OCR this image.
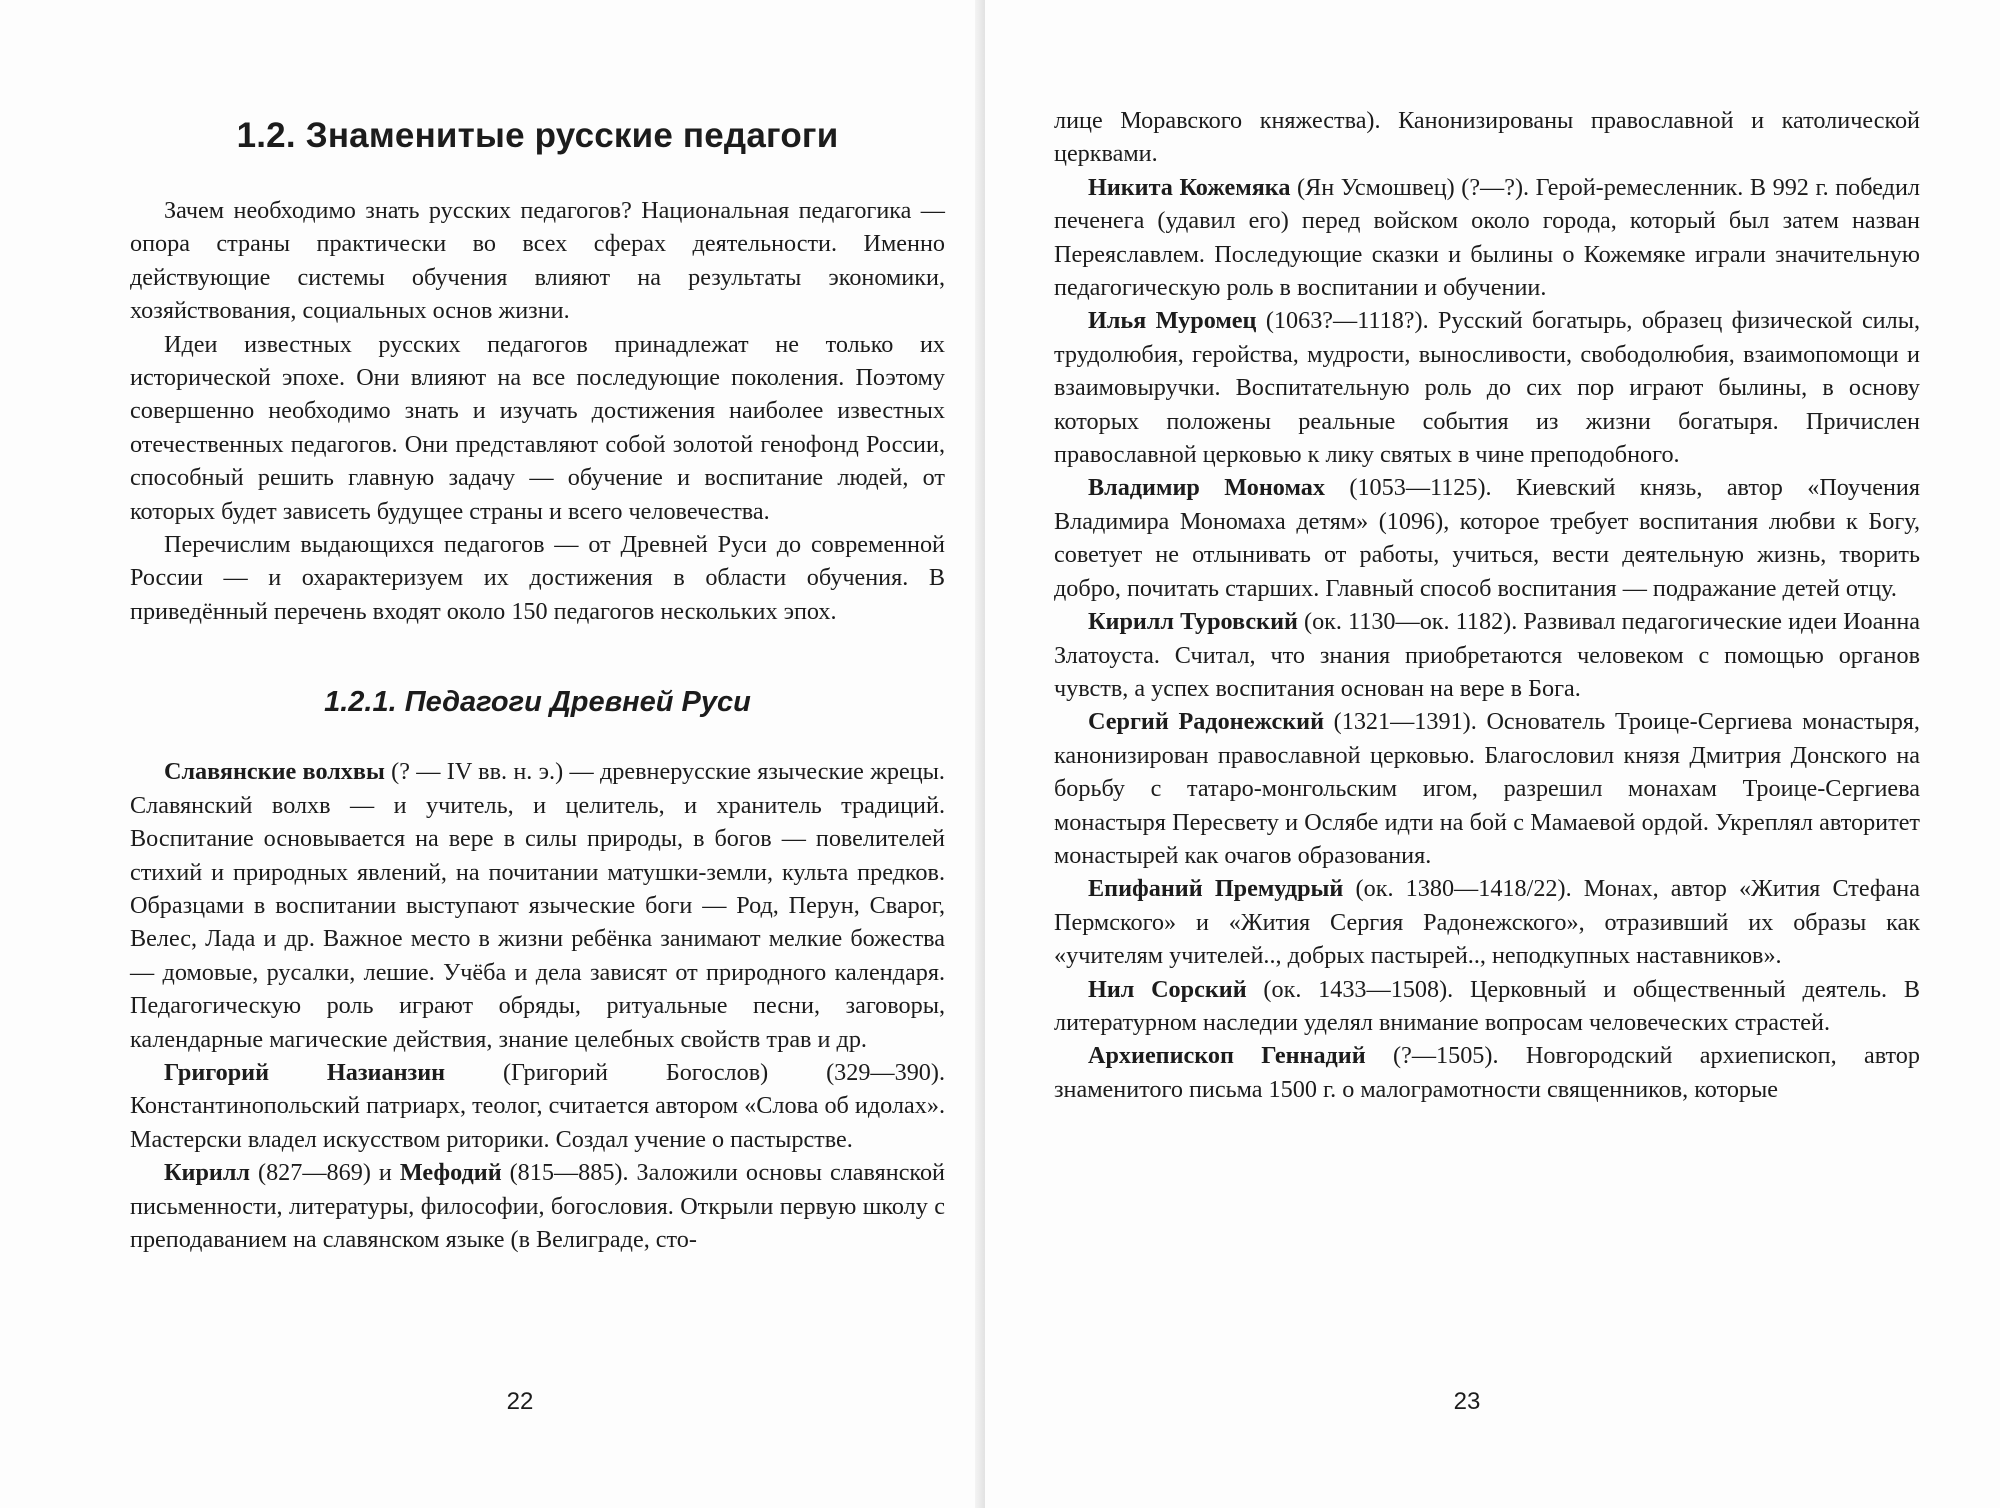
1.2. Знаменитые русские педагоги

Зачем необходимо знать русских педагогов? Национальная педагогика — опора страны практически во всех сферах деятельности. Именно действующие системы обучения влияют на результаты экономики, хозяйствования, социальных основ жизни.

Идеи известных русских педагогов принадлежат не только их исторической эпохе. Они влияют на все последующие поколения. Поэтому совершенно необходимо знать и изучать достижения наиболее известных отечественных педагогов. Они представляют собой золотой генофонд России, способный решить главную задачу — обучение и воспитание людей, от которых будет зависеть будущее страны и всего человечества.

Перечислим выдающихся педагогов — от Древней Руси до современной России — и охарактеризуем их достижения в области обучения. В приведённый перечень входят около 150 педагогов нескольких эпох.

1.2.1. Педагоги Древней Руси

Славянские волхвы (? — IV вв. н. э.) — древнерусские языческие жрецы. Славянский волхв — и учитель, и целитель, и хранитель традиций. Воспитание основывается на вере в силы природы, в богов — повелителей стихий и природных явлений, на почитании матушки-земли, культа предков. Образцами в воспитании выступают языческие боги — Род, Перун, Сварог, Велес, Лада и др. Важное место в жизни ребёнка занимают мелкие божества — домовые, русалки, лешие. Учёба и дела зависят от природного календаря. Педагогическую роль играют обряды, ритуальные песни, заговоры, календарные магические действия, знание целебных свойств трав и др.

Григорий Назианзин (Григорий Богослов) (329—390). Константинопольский патриарх, теолог, считается автором «Слова об идолах». Мастерски владел искусством риторики. Создал учение о пастырстве.

Кирилл (827—869) и Мефодий (815—885). Заложили основы славянской письменности, литературы, философии, богословия. Открыли первую школу с преподаванием на славянском языке (в Велиграде, сто-

22

лице Моравского княжества). Канонизированы православной и католической церквами.

Никита Кожемяка (Ян Усмошвец) (?—?). Герой-ремесленник. В 992 г. победил печенега (удавил его) перед войском около города, который был затем назван Переяславлем. Последующие сказки и былины о Кожемяке играли значительную педагогическую роль в воспитании и обучении.

Илья Муромец (1063?—1118?). Русский богатырь, образец физической силы, трудолюбия, геройства, мудрости, выносливости, свободолюбия, взаимопомощи и взаимовыручки. Воспитательную роль до сих пор играют былины, в основу которых положены реальные события из жизни богатыря. Причислен православной церковью к лику святых в чине преподобного.

Владимир Мономах (1053—1125). Киевский князь, автор «Поучения Владимира Мономаха детям» (1096), которое требует воспитания любви к Богу, советует не отлынивать от работы, учиться, вести деятельную жизнь, творить добро, почитать старших. Главный способ воспитания — подражание детей отцу.

Кирилл Туровский (ок. 1130—ок. 1182). Развивал педагогические идеи Иоанна Златоуста. Считал, что знания приобретаются человеком с помощью органов чувств, а успех воспитания основан на вере в Бога.

Сергий Радонежский (1321—1391). Основатель Троице-Сергиева монастыря, канонизирован православной церковью. Благословил князя Дмитрия Донского на борьбу с татаро-монгольским игом, разрешил монахам Троице-Сергиева монастыря Пересвету и Ослябе идти на бой с Мамаевой ордой. Укреплял авторитет монастырей как очагов образования.

Епифаний Премудрый (ок. 1380—1418/22). Монах, автор «Жития Стефана Пермского» и «Жития Сергия Радонежского», отразивший их образы как «учителям учителей.., добрых пастырей.., неподкупных наставников».

Нил Сорский (ок. 1433—1508). Церковный и общественный деятель. В литературном наследии уделял внимание вопросам человеческих страстей.

Архиепископ Геннадий (?—1505). Новгородский архиепископ, автор знаменитого письма 1500 г. о малограмотности священников, которые

23
